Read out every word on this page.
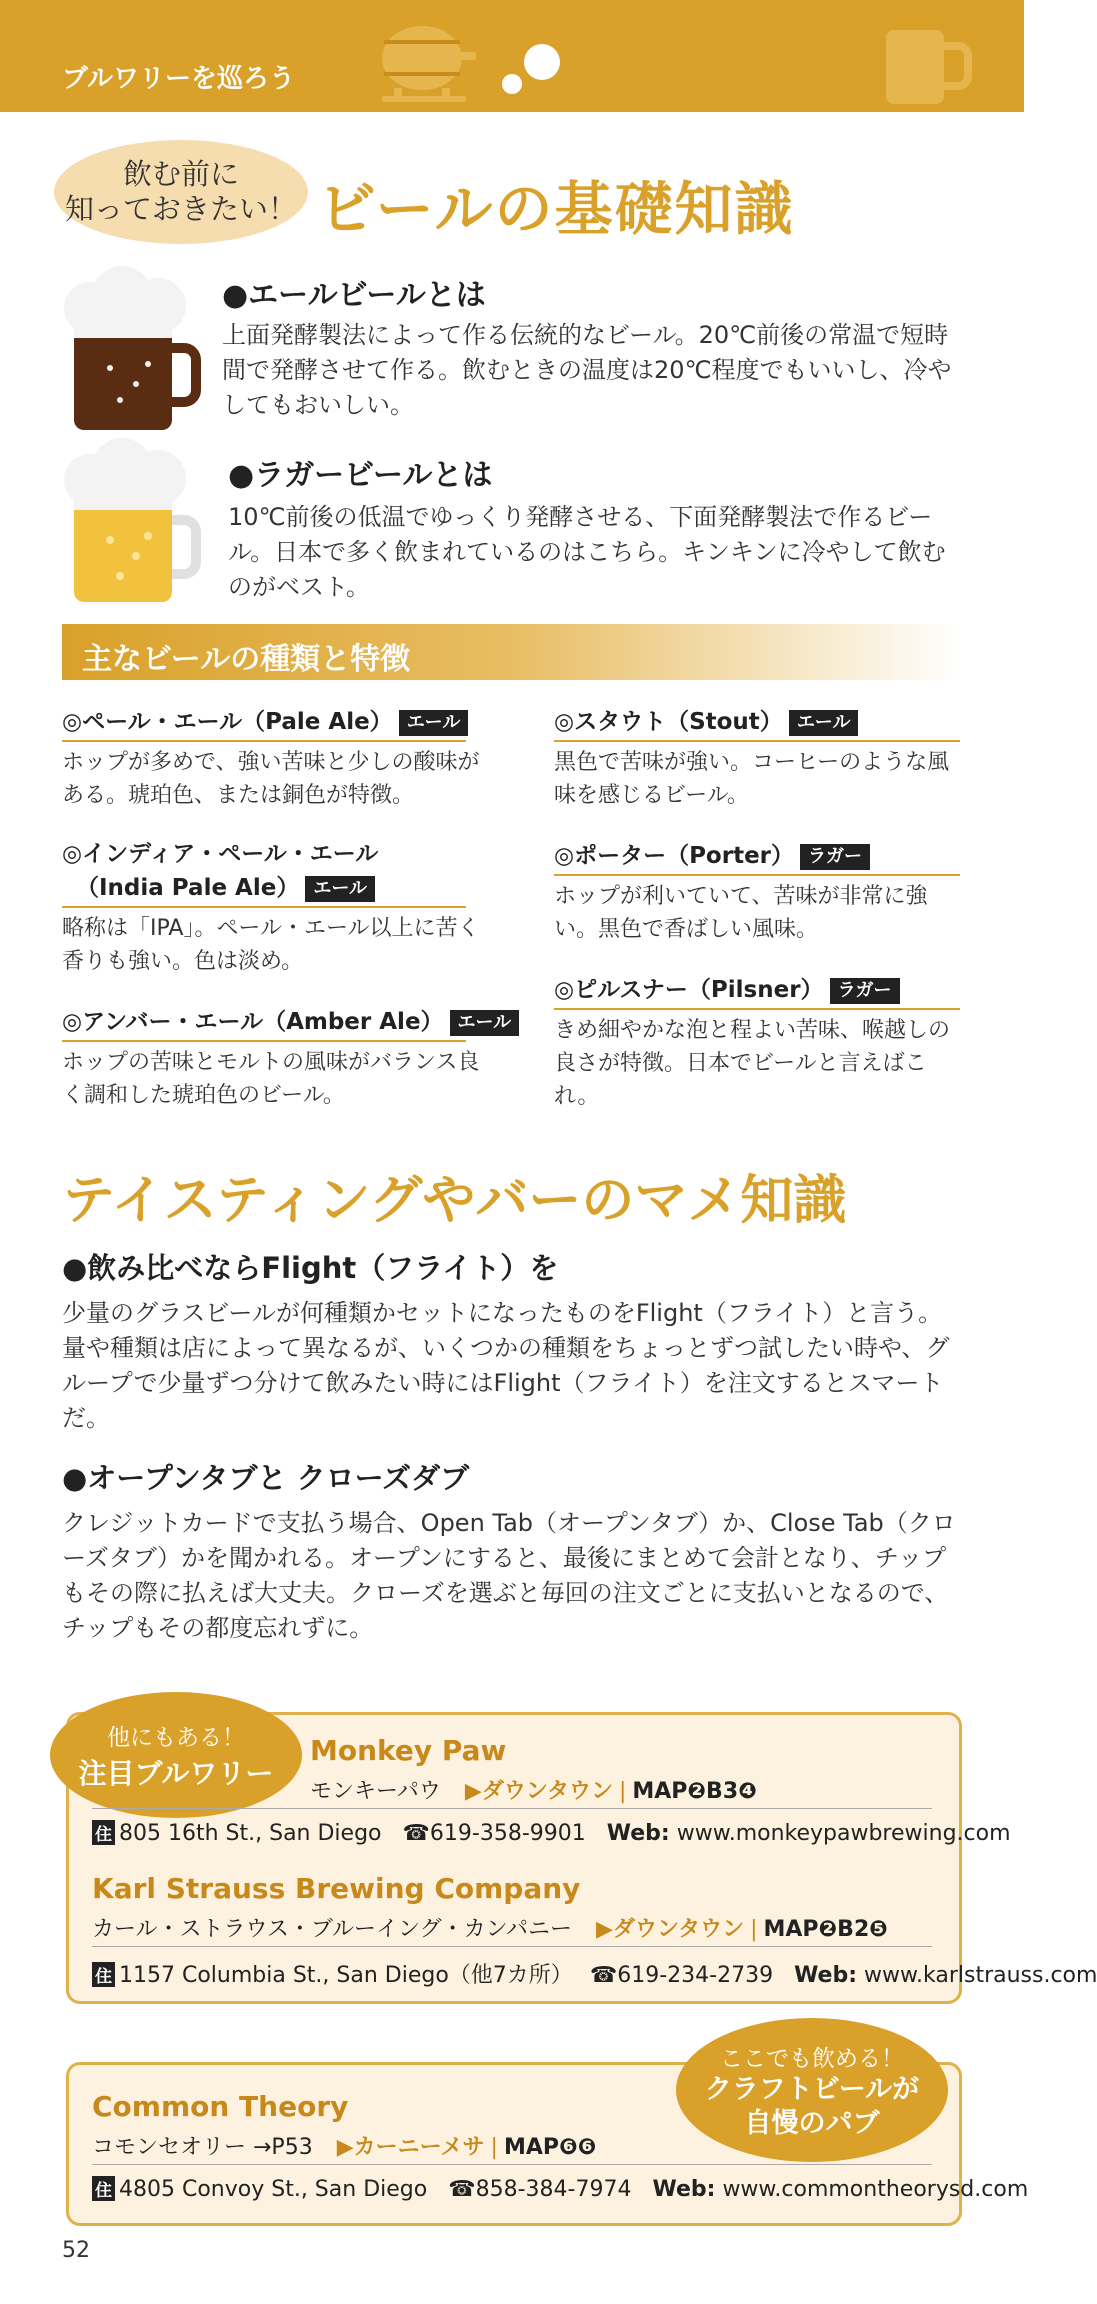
ブルワリーを巡ろう
飲む前に
知っておきたい！ ビールの基礎知識
●エールビールとは
上面発酵製法によって作る伝統的なビール。20℃前後の常温で短時間で発酵させて作る。飲むときの温度は20℃程度でもいいし、冷やしてもおいしい。
●ラガービールとは
10℃前後の低温でゆっくり発酵させる、下面発酵製法で作るビール。日本で多く飲まれているのはこちら。キンキンに冷やして飲むのがベスト。
主なビールの種類と特徴
◎ペール・エール（Pale Ale） エール
ホップが多めで、強い苦味と少しの酸味がある。琥珀色、または銅色が特徴。
◎インディア・ペール・エール
（India Pale Ale） エール
略称は「IPA」。ペール・エール以上に苦く香りも強い。色は淡め。
◎アンバー・エール（Amber Ale） エール
ホップの苦味とモルトの風味がバランス良く調和した琥珀色のビール。
◎スタウト（Stout） エール
黒色で苦味が強い。コーヒーのような風味を感じるビール。
◎ポーター（Porter） ラガー
ホップが利いていて、苦味が非常に強い。黒色で香ばしい風味。
◎ピルスナー（Pilsner） ラガー
きめ細やかな泡と程よい苦味、喉越しの良さが特徴。日本でビールと言えばこれ。
テイスティングやバーのマメ知識
●飲み比べならFlight（フライト）を
少量のグラスビールが何種類かセットになったものをFlight（フライト）と言う。量や種類は店によって異なるが、いくつかの種類をちょっとずつ試したい時や、グループで少量ずつ分けて飲みたい時にはFlight（フライト）を注文するとスマートだ。
●オープンタブと クローズダブ
クレジットカードで支払う場合、Open Tab（オープンタブ）か、Close Tab（クローズタブ）かを聞かれる。オープンにすると、最後にまとめて会計となり、チップもその際に払えば大丈夫。クローズを選ぶと毎回の注文ごとに支払いとなるので、チップもその都度忘れずに。
他にもある！
注目ブルワリー
Monkey Paw
モンキーパウ ▶ダウンタウン | MAP❷B3❹
住 805 16th St., San Diego ☎619-358-9901 Web: www.monkeypawbrewing.com
Karl Strauss Brewing Company
カール・ストラウス・ブルーイング・カンパニー ▶ダウンタウン | MAP❷B2❺
住 1157 Columbia St., San Diego（他7カ所） ☎619-234-2739 Web: www.karlstrauss.com
ここでも飲める！
クラフトビールが
自慢のパブ
Common Theory
コモンセオリー →P53 ▶カーニーメサ | MAP❻❻
住 4805 Convoy St., San Diego ☎858-384-7974 Web: www.commontheorysd.com
52
